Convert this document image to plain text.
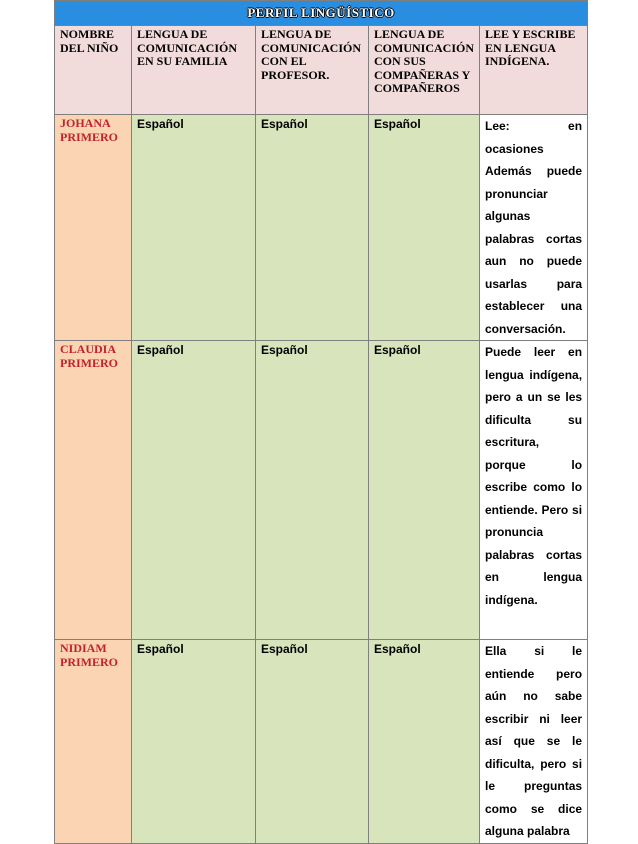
PERFIL LINGÜÍSTICO				
NOMBRE DEL NIÑO	LENGUA DE COMUNICACIÓN EN SU FAMILIA	LENGUA DE COMUNICACIÓN CON EL PROFESOR.	LENGUA DE COMUNICACIÓN CON SUS COMPAÑERAS Y COMPAÑEROS	LEE Y ESCRIBE EN LENGUA INDÍGENA.
JOHANA PRIMERO	Español	Español	Español	Lee: en ocasiones Además puede pronunciar algunas palabras cortas aun no puede usarlas para establecer una conversación.
CLAUDIA PRIMERO	Español	Español	Español	Puede leer en lengua indígena, pero a un se les dificulta su escritura, porque lo escribe como lo entiende. Pero si pronuncia palabras cortas en lengua indígena.
NIDIAM PRIMERO	Español	Español	Español	Ella si le entiende pero aún no sabe escribir ni leer así que se le dificulta, pero si le preguntas como se dice alguna palabra
